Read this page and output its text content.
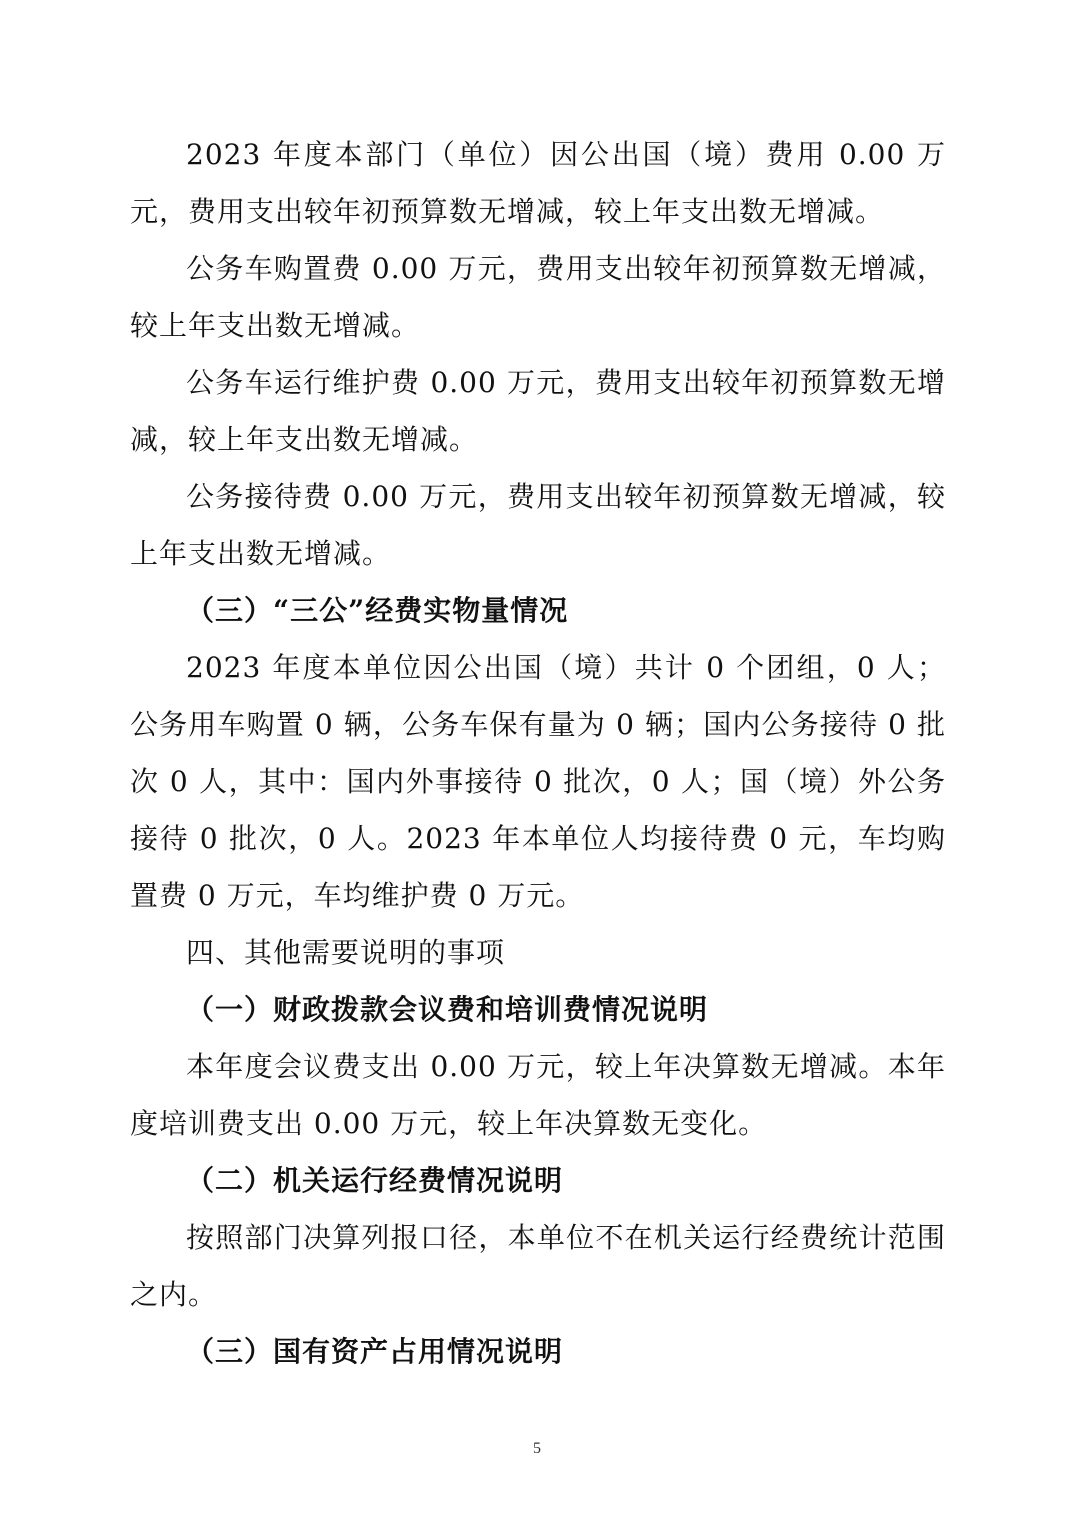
2023 年度本部门（单位）因公出国（境）费用 0.00 万元，费用支出较年初预算数无增减，较上年支出数无增减。

公务车购置费 0.00 万元，费用支出较年初预算数无增减，较上年支出数无增减。

公务车运行维护费 0.00 万元，费用支出较年初预算数无增减，较上年支出数无增减。

公务接待费 0.00 万元，费用支出较年初预算数无增减，较上年支出数无增减。

（三）“三公”经费实物量情况

2023 年度本单位因公出国（境）共计 0 个团组，0 人；公务用车购置 0 辆，公务车保有量为 0 辆；国内公务接待 0 批次 0 人，其中：国内外事接待 0 批次，0 人；国（境）外公务接待 0 批次，0 人。2023 年本单位人均接待费 0 元，车均购置费 0 万元，车均维护费 0 万元。

四、其他需要说明的事项

（一）财政拨款会议费和培训费情况说明

本年度会议费支出 0.00 万元，较上年决算数无增减。本年度培训费支出 0.00 万元，较上年决算数无变化。

（二）机关运行经费情况说明

按照部门决算列报口径，本单位不在机关运行经费统计范围之内。

（三）国有资产占用情况说明

5
